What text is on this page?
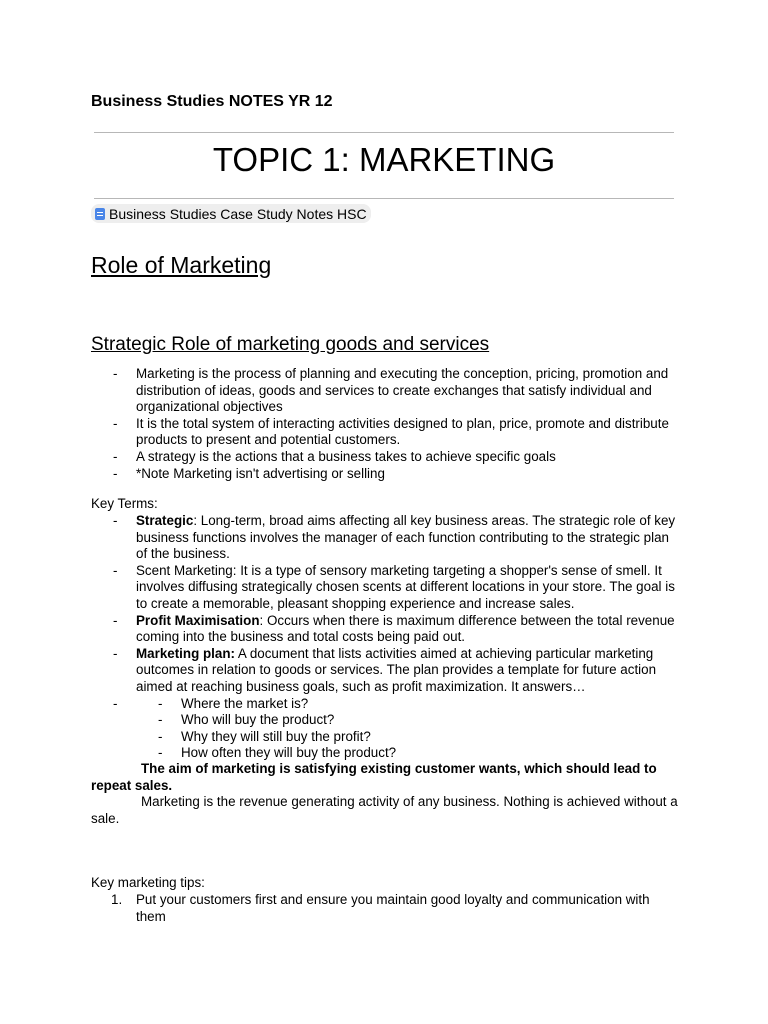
Business Studies NOTES YR 12
TOPIC 1: MARKETING
Business Studies Case Study Notes HSC
Role of Marketing
Strategic Role of marketing goods and services
- Marketing is the process of planning and executing the conception, pricing, promotion and distribution of ideas, goods and services to create exchanges that satisfy individual and organizational objectives
- It is the total system of interacting activities designed to plan, price, promote and distribute products to present and potential customers.
- A strategy is the actions that a business takes to achieve specific goals
- *Note Marketing isn't advertising or selling
Key Terms:
- Strategic: Long-term, broad aims affecting all key business areas. The strategic role of key business functions involves the manager of each function contributing to the strategic plan of the business.
- Scent Marketing: It is a type of sensory marketing targeting a shopper's sense of smell. It involves diffusing strategically chosen scents at different locations in your store. The goal is to create a memorable, pleasant shopping experience and increase sales.
- Profit Maximisation: Occurs when there is maximum difference between the total revenue coming into the business and total costs being paid out.
- Marketing plan: A document that lists activities aimed at achieving particular marketing outcomes in relation to goods or services. The plan provides a template for future action aimed at reaching business goals, such as profit maximization. It answers…
- - Where the market is?
- Who will buy the product?
- Why they will still buy the profit?
- How often they will buy the product?
The aim of marketing is satisfying existing customer wants, which should lead to repeat sales.
Marketing is the revenue generating activity of any business. Nothing is achieved without a sale.
Key marketing tips:
1. Put your customers first and ensure you maintain good loyalty and communication with them
